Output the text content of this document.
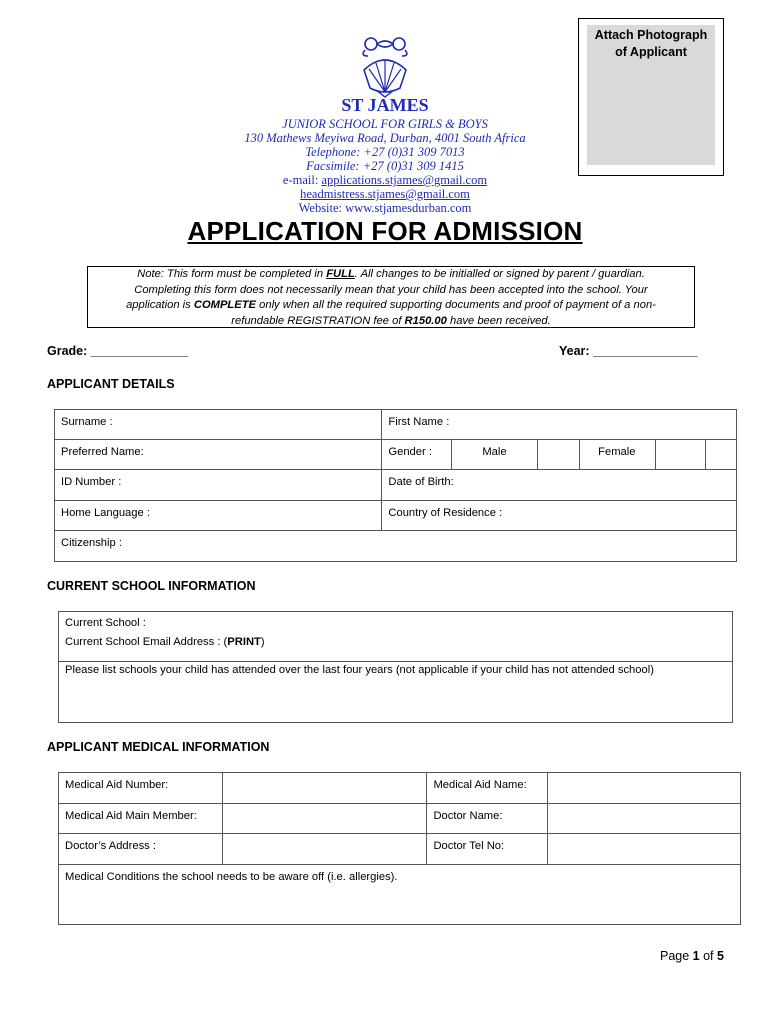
Attach Photograph
of Applicant
ST JAMES
JUNIOR SCHOOL FOR GIRLS & BOYS
130 Mathews Meyiwa Road, Durban, 4001 South Africa
Telephone: +27 (0)31 309 7013
Facsimile: +27 (0)31 309 1415
e-mail: applications.stjames@gmail.com
headmistress.stjames@gmail.com
Website: www.stjamesdurban.com
APPLICATION FOR ADMISSION
Note: This form must be completed in FULL. All changes to be initialled or signed by parent / guardian.
Completing this form does not necessarily mean that your child has been accepted into the school. Your
application is COMPLETE only when all the required supporting documents and proof of payment of a non-
refundable REGISTRATION fee of R150.00 have been received.
Grade: ______________	Year: _______________
APPLICANT DETAILS
Surname :	First Name :					
Preferred Name:	Gender :	Male		Female		
ID Number :	Date of Birth:					
Home Language :	Country of Residence :					
Citizenship :						
CURRENT SCHOOL INFORMATION
Current School :
Current School Email Address : (PRINT)

Please list schools your child has attended over the last four years (not applicable if your child has not attended school)
APPLICANT MEDICAL INFORMATION
Medical Aid Number:		Medical Aid Name:	
Medical Aid Main Member:		Doctor Name:	
Doctor’s Address :		Doctor Tel No:	
Medical Conditions the school needs to be aware off (i.e. allergies).			
Page 1 of 5
